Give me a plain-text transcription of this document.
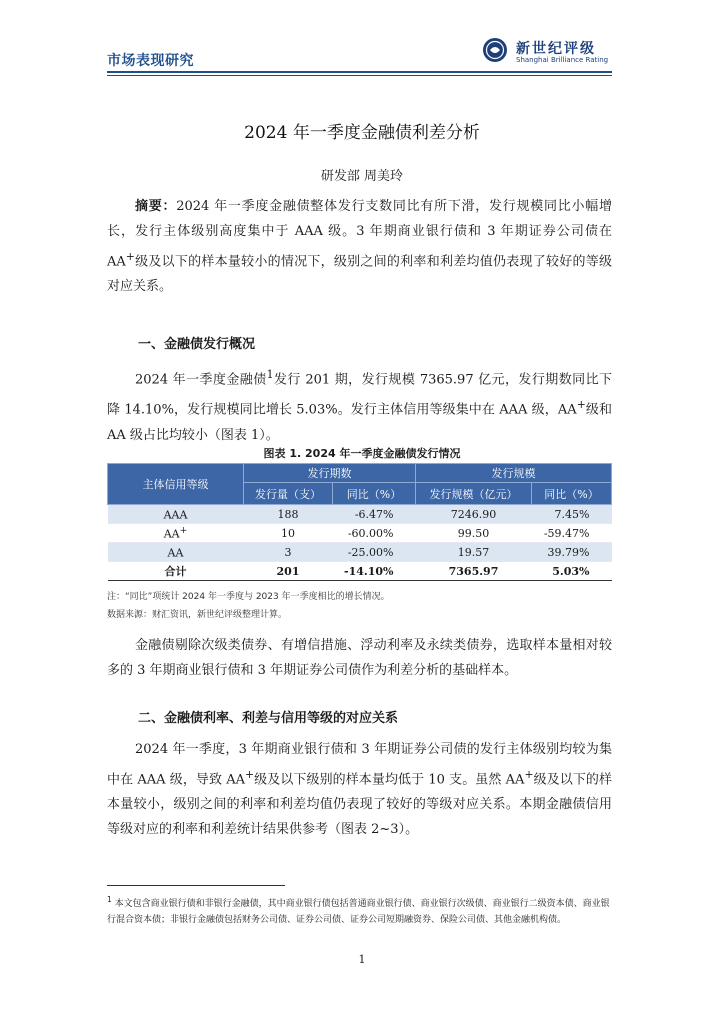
市场表现研究
新世纪评级
Shanghai Brilliance Rating
2024 年一季度金融债利差分析
研发部 周美玲

摘要：2024 年一季度金融债整体发行支数同比有所下滑，发行规模同比小幅增长，发行主体级别高度集中于 AAA 级。3 年期商业银行债和 3 年期证券公司债在 AA+级及以下的样本量较小的情况下，级别之间的利率和利差均值仍表现了较好的等级对应关系。

一、金融债发行概况

2024 年一季度金融债$^1$发行 201 期，发行规模 7365.97 亿元，发行期数同比下降 14.10%，发行规模同比增长 5.03%。发行主体信用等级集中在 AAA 级，AA+级和 AA 级占比均较小（图表 1）。

图表 1. 2024 年一季度金融债发行情况
主体信用等级	发行期数		发行规模	
	发行量（支）	同比（%）	发行规模（亿元）	同比（%）
AAA	188	-6.47%	7246.90	7.45%
AA+	10	-60.00%	99.50	-59.47%
AA	3	-25.00%	19.57	39.79%
合计	201	-14.10%	7365.97	5.03%
注：“同比”项统计 2024 年一季度与 2023 年一季度相比的增长情况。
数据来源：财汇资讯，新世纪评级整理计算。

金融债剔除次级类债券、有增信措施、浮动利率及永续类债券，选取样本量相对较多的 3 年期商业银行债和 3 年期证券公司债作为利差分析的基础样本。

二、金融债利率、利差与信用等级的对应关系

2024 年一季度，3 年期商业银行债和 3 年期证券公司债的发行主体级别均较为集中在 AAA 级，导致 AA+级及以下级别的样本量均低于 10 支。虽然 AA+级及以下的样本量较小，级别之间的利率和利差均值仍表现了较好的等级对应关系。本期金融债信用等级对应的利率和利差统计结果供参考（图表 2~3）。

$^1$ 本文包含商业银行债和非银行金融债，其中商业银行债包括普通商业银行债、商业银行次级债、商业银行二级资本债、商业银行混合资本债；非银行金融债包括财务公司债、证券公司债、证券公司短期融资券、保险公司债、其他金融机构债。

1
